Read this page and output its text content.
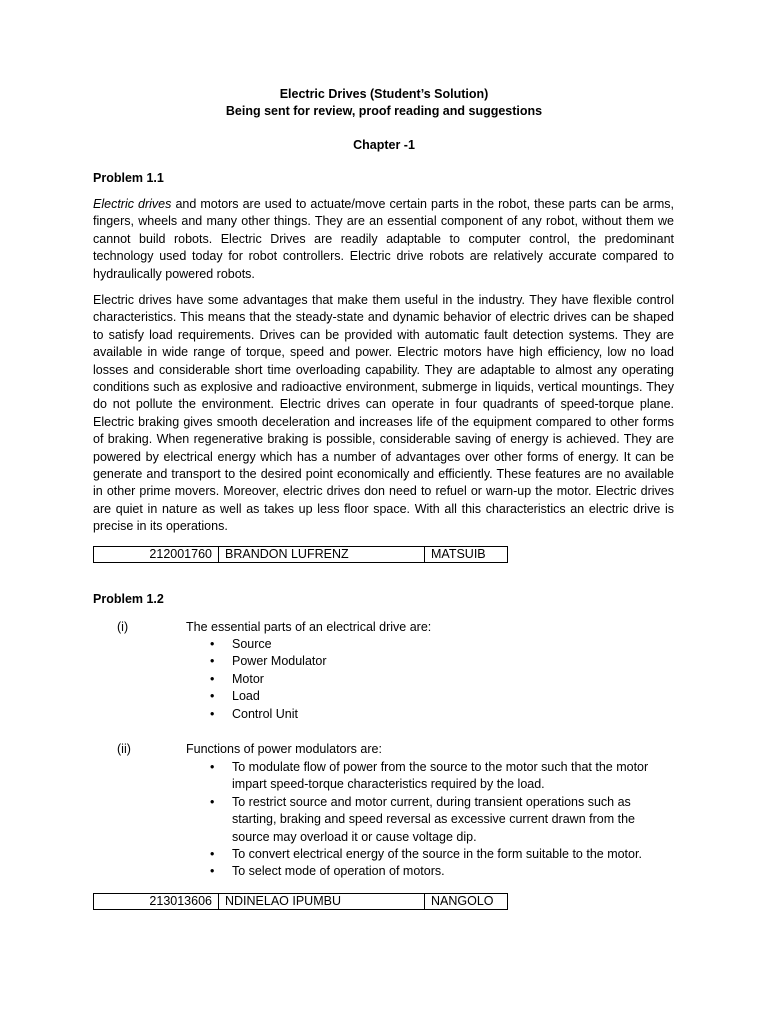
Electric Drives (Student’s Solution)
Being sent for review, proof reading and suggestions
Chapter -1
Problem 1.1

Electric drives and motors are used to actuate/move certain parts in the robot, these parts can be arms, fingers, wheels and many other things. They are an essential component of any robot, without them we cannot build robots. Electric Drives are readily adaptable to computer control, the predominant technology used today for robot controllers. Electric drive robots are relatively accurate compared to hydraulically powered robots.

Electric drives have some advantages that make them useful in the industry. They have flexible control characteristics. This means that the steady-state and dynamic behavior of electric drives can be shaped to satisfy load requirements. Drives can be provided with automatic fault detection systems. They are available in wide range of torque, speed and power. Electric motors have high efficiency, low no load losses and considerable short time overloading capability. They are adaptable to almost any operating conditions such as explosive and radioactive environment, submerge in liquids, vertical mountings. They do not pollute the environment. Electric drives can operate in four quadrants of speed-torque plane. Electric braking gives smooth deceleration and increases life of the equipment compared to other forms of braking. When regenerative braking is possible, considerable saving of energy is achieved. They are powered by electrical energy which has a number of advantages over other forms of energy. It can be generate and transport to the desired point economically and efficiently. These features are no available in other prime movers. Moreover, electric drives don need to refuel or warn-up the motor. Electric drives are quiet in nature as well as takes up less floor space. With all this characteristics an electric drive is precise in its operations.

212001760	BRANDON LUFRENZ	MATSUIB
Problem 1.2
(i)	The essential parts of an electrical drive are:
• Source
• Power Modulator
• Motor
• Load
• Control Unit
(ii)	Functions of power modulators are:
• To modulate flow of power from the source to the motor such that the motor impart speed-torque characteristics required by the load.
• To restrict source and motor current, during transient operations such as starting, braking and speed reversal as excessive current drawn from the source may overload it or cause voltage dip.
• To convert electrical energy of the source in the form suitable to the motor.
• To select mode of operation of motors.
213013606	NDINELAO IPUMBU	NANGOLO
